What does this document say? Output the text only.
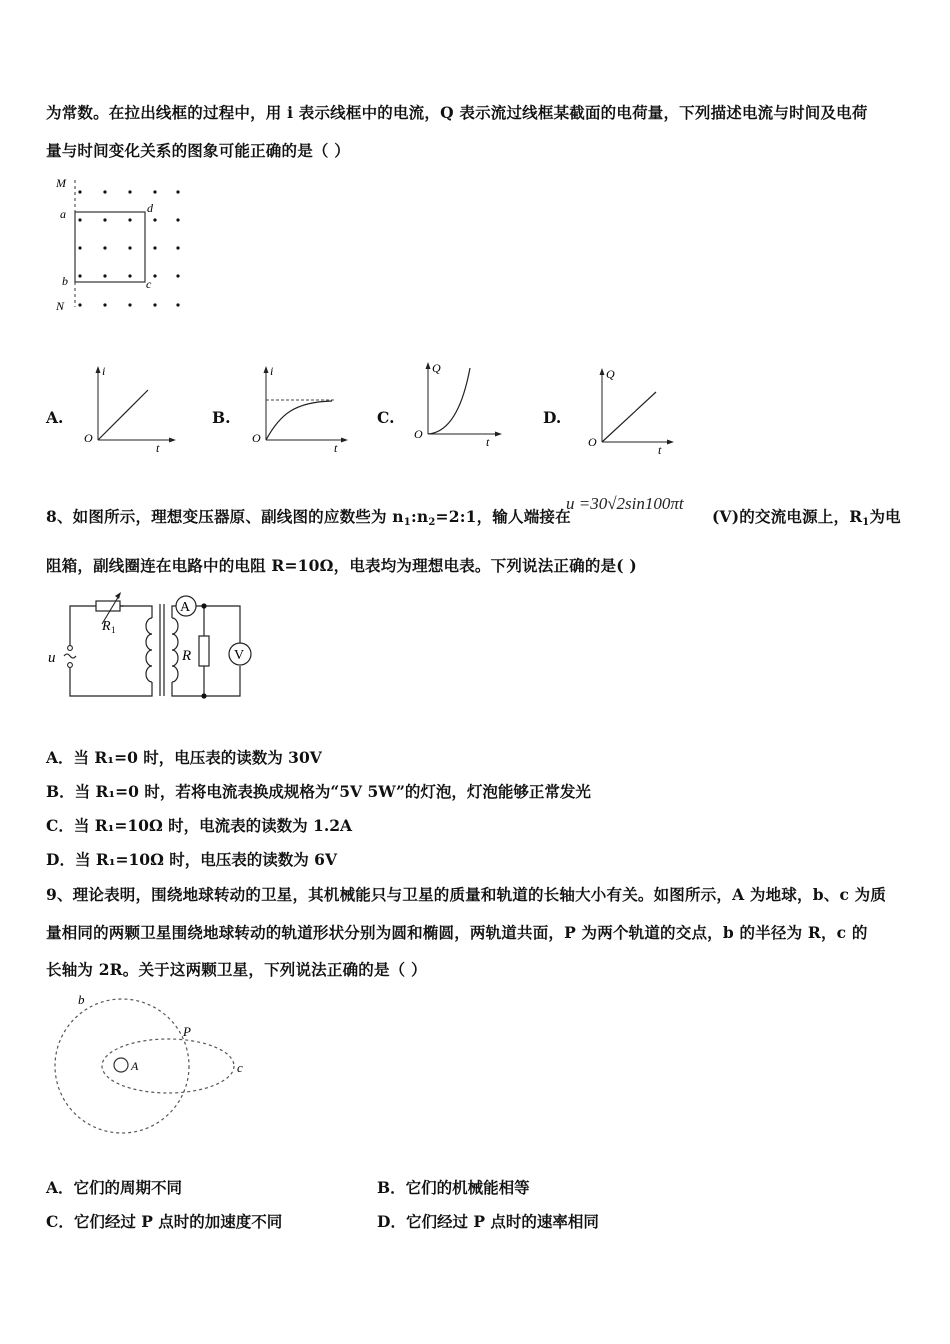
为常数。在拉出线框的过程中，用 i 表示线框中的电流，Q 表示流过线框某截面的电荷量，下列描述电流与时间及电荷
量与时间变化关系的图象可能正确的是（ ）
M
a	d
b	c
N
A.
i
t
O
B.
i
t
O
C.
Q
t
O
D.
Q
t
O
8、如图所示，理想变压器原、副线图的应数些为 $n_1:n_2=2:1$，输人端接在
u =30√2sin100πt
(V)的交流电源上，$R_1$为电
阻箱，副线圈连在电路中的电阻 R=10Ω，电表均为理想电表。下列说法正确的是( )
A
V
u
R 1
R
A．当 R₁=0 时，电压表的读数为 30V
B．当 R₁=0 时，若将电流表换成规格为“5V 5W”的灯泡，灯泡能够正常发光
C．当 R₁=10Ω 时，电流表的读数为 1.2A
D．当 R₁=10Ω 时，电压表的读数为 6V
9、理论表明，围绕地球转动的卫星，其机械能只与卫星的质量和轨道的长轴大小有关。如图所示，A 为地球，b、c 为质
量相同的两颗卫星围绕地球转动的轨道形状分别为圆和椭圆，两轨道共面，P 为两个轨道的交点，b 的半径为 R，c 的
长轴为 2R。关于这两颗卫星，下列说法正确的是（ ）
b
P
A	c
A．它们的周期不同	B．它们的机械能相等
C．它们经过 P 点时的加速度不同	D．它们经过 P 点时的速率相同
